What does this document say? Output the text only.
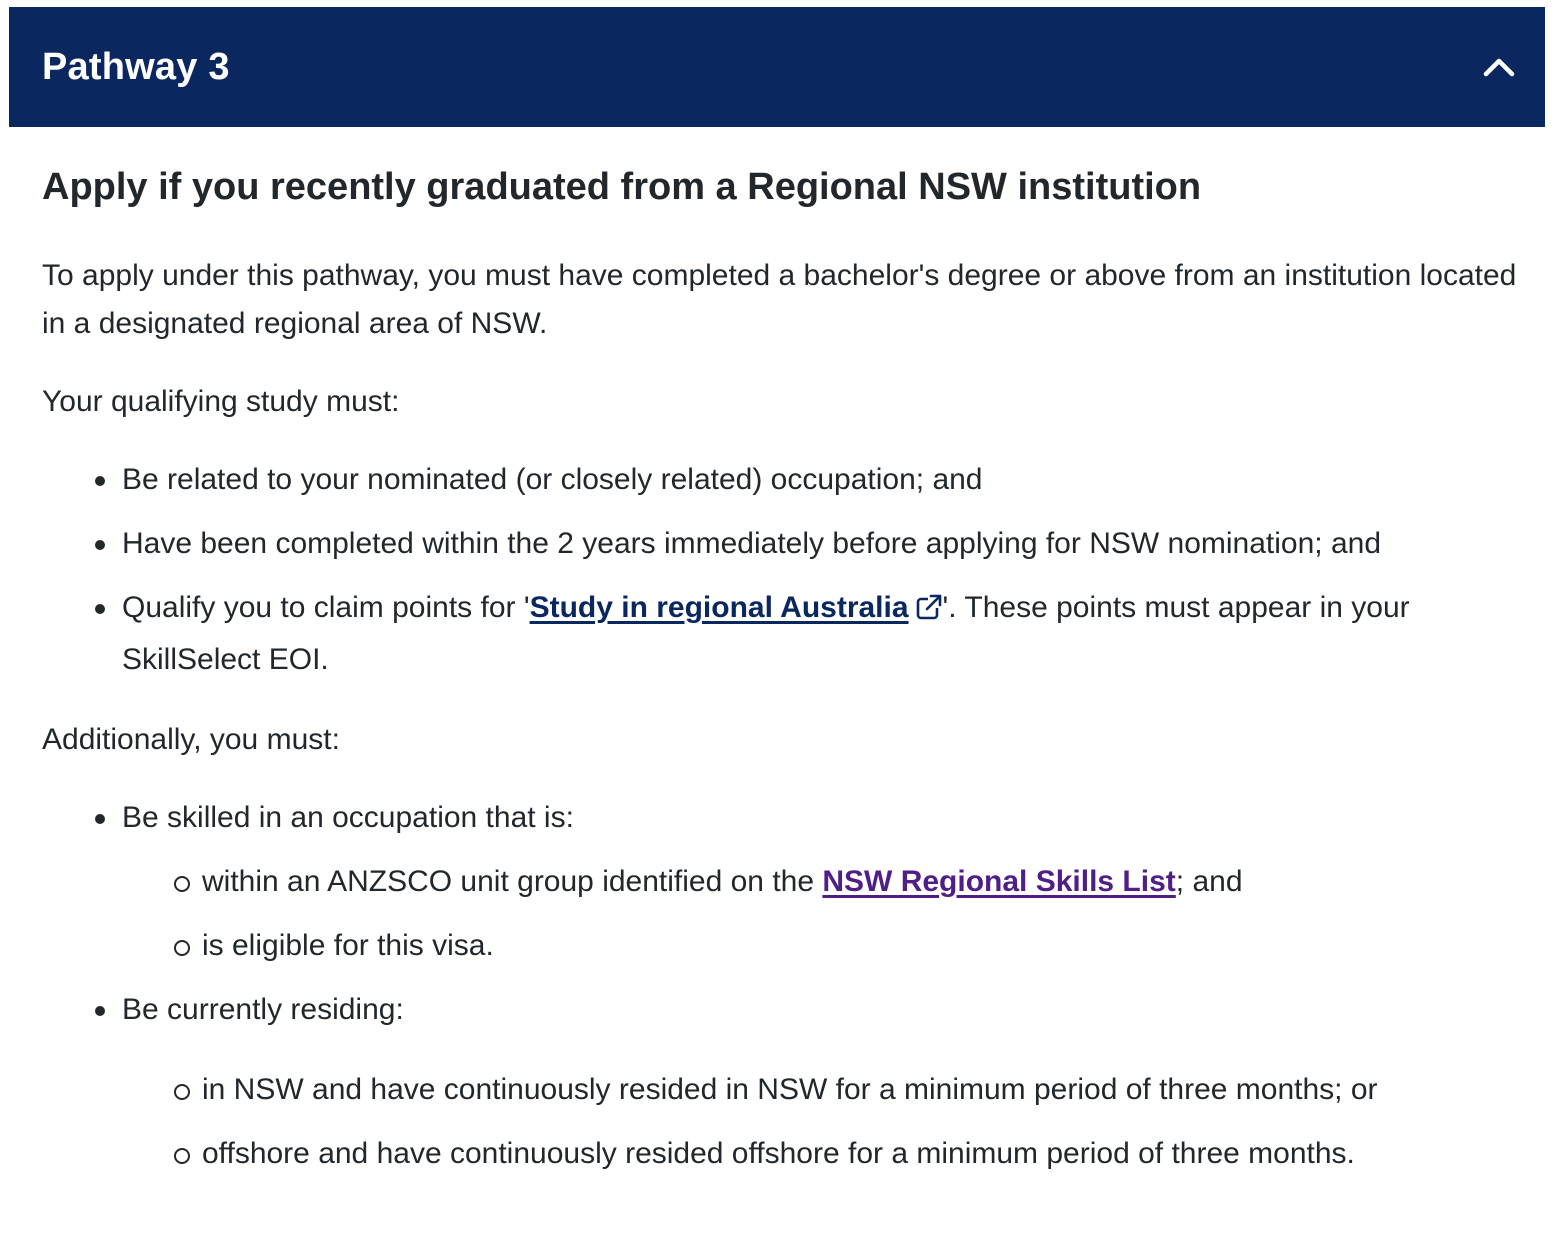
Pathway 3
Apply if you recently graduated from a Regional NSW institution

To apply under this pathway, you must have completed a bachelor's degree or above from an institution located in a designated regional area of NSW.

Your qualifying study must:

Be related to your nominated (or closely related) occupation; and
Have been completed within the 2 years immediately before applying for NSW nomination; and
Qualify you to claim points for 'Study in regional Australia '. These points must appear in your SkillSelect EOI.

Additionally, you must:

Be skilled in an occupation that is:
within an ANZSCO unit group identified on the NSW Regional Skills List; and
is eligible for this visa.
Be currently residing:
in NSW and have continuously resided in NSW for a minimum period of three months; or
offshore and have continuously resided offshore for a minimum period of three months.
